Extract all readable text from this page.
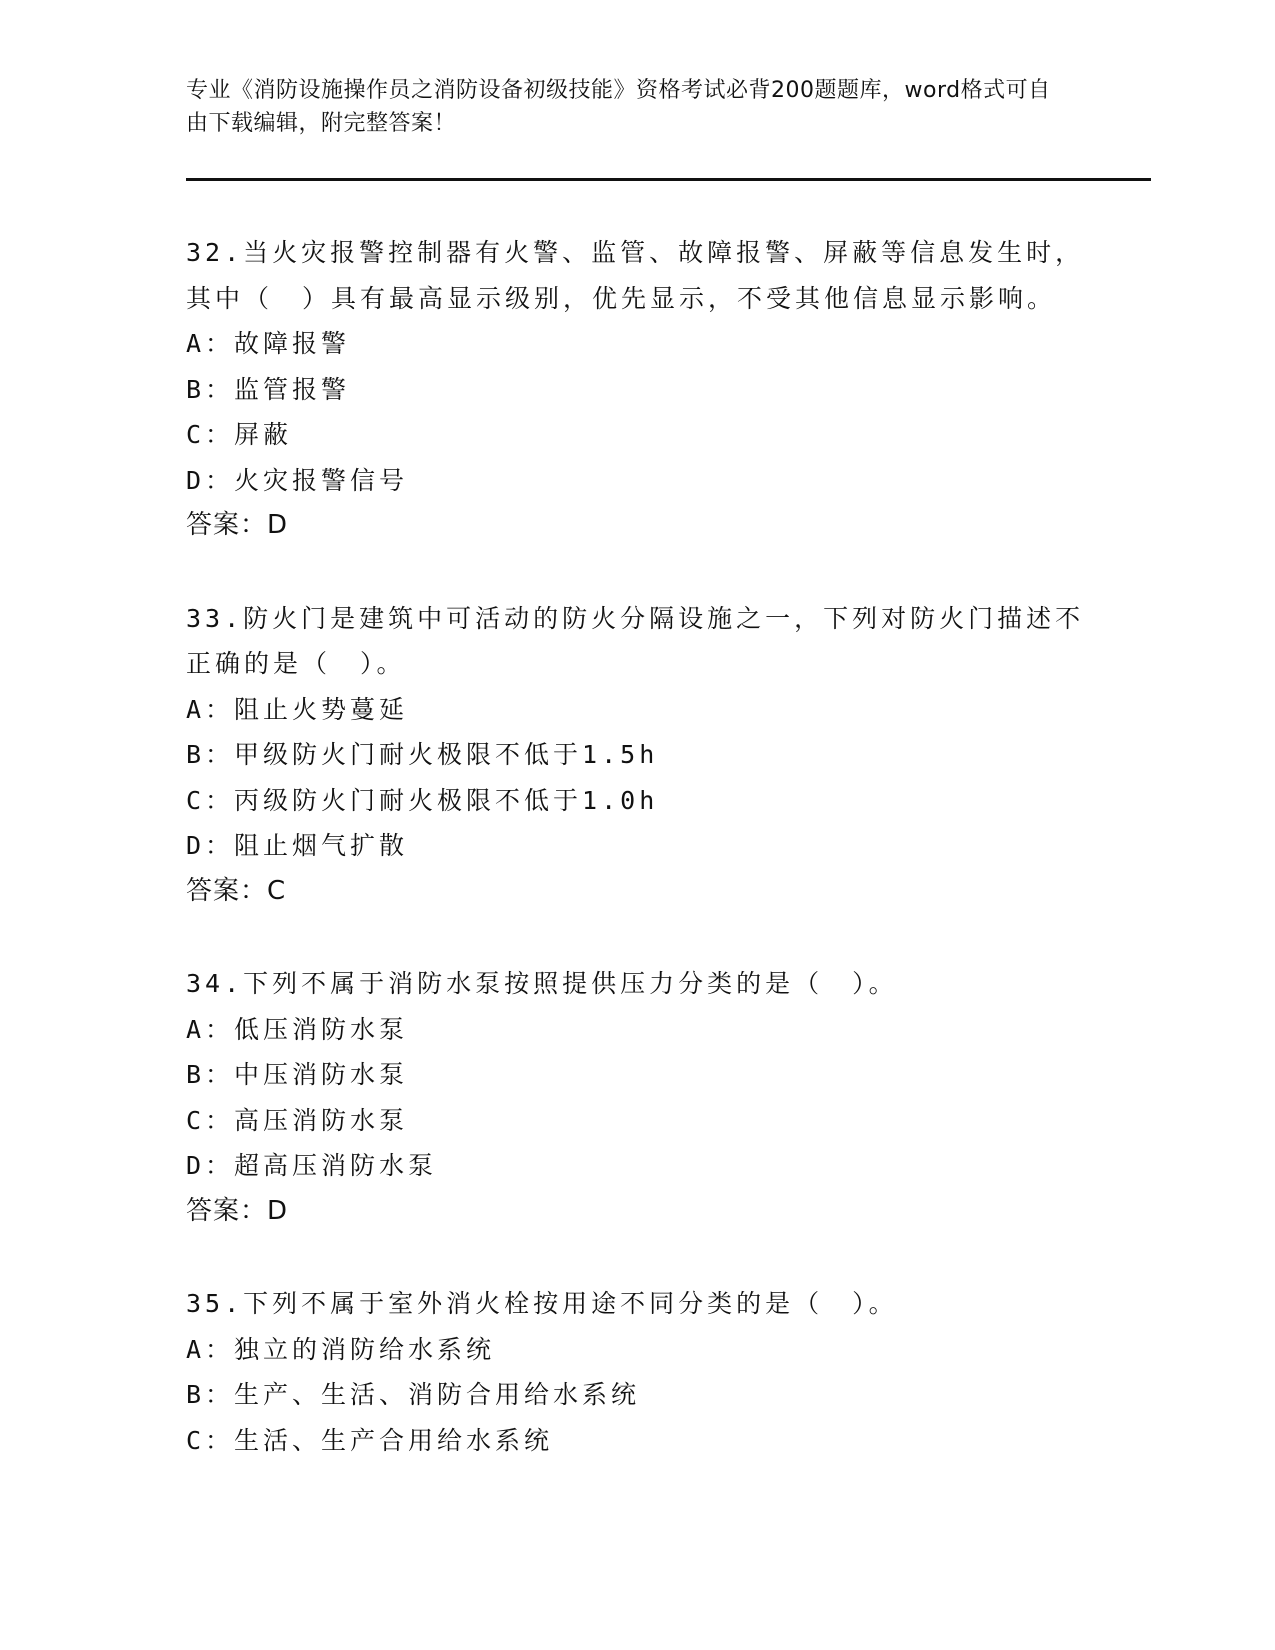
专业《消防设施操作员之消防设备初级技能》资格考试必背200题题库，word格式可自由下载编辑，附完整答案！

32.当火灾报警控制器有火警、监管、故障报警、屏蔽等信息发生时，其中（　）具有最高显示级别，优先显示，不受其他信息显示影响。

A：故障报警

B：监管报警

C：屏蔽

D：火灾报警信号

答案：D

33.防火门是建筑中可活动的防火分隔设施之一，下列对防火门描述不正确的是（　）。

A：阻止火势蔓延

B：甲级防火门耐火极限不低于1.5h

C：丙级防火门耐火极限不低于1.0h

D：阻止烟气扩散

答案：C

34.下列不属于消防水泵按照提供压力分类的是（　）。

A：低压消防水泵

B：中压消防水泵

C：高压消防水泵

D：超高压消防水泵

答案：D

35.下列不属于室外消火栓按用途不同分类的是（　）。

A：独立的消防给水系统

B：生产、生活、消防合用给水系统

C：生活、生产合用给水系统
